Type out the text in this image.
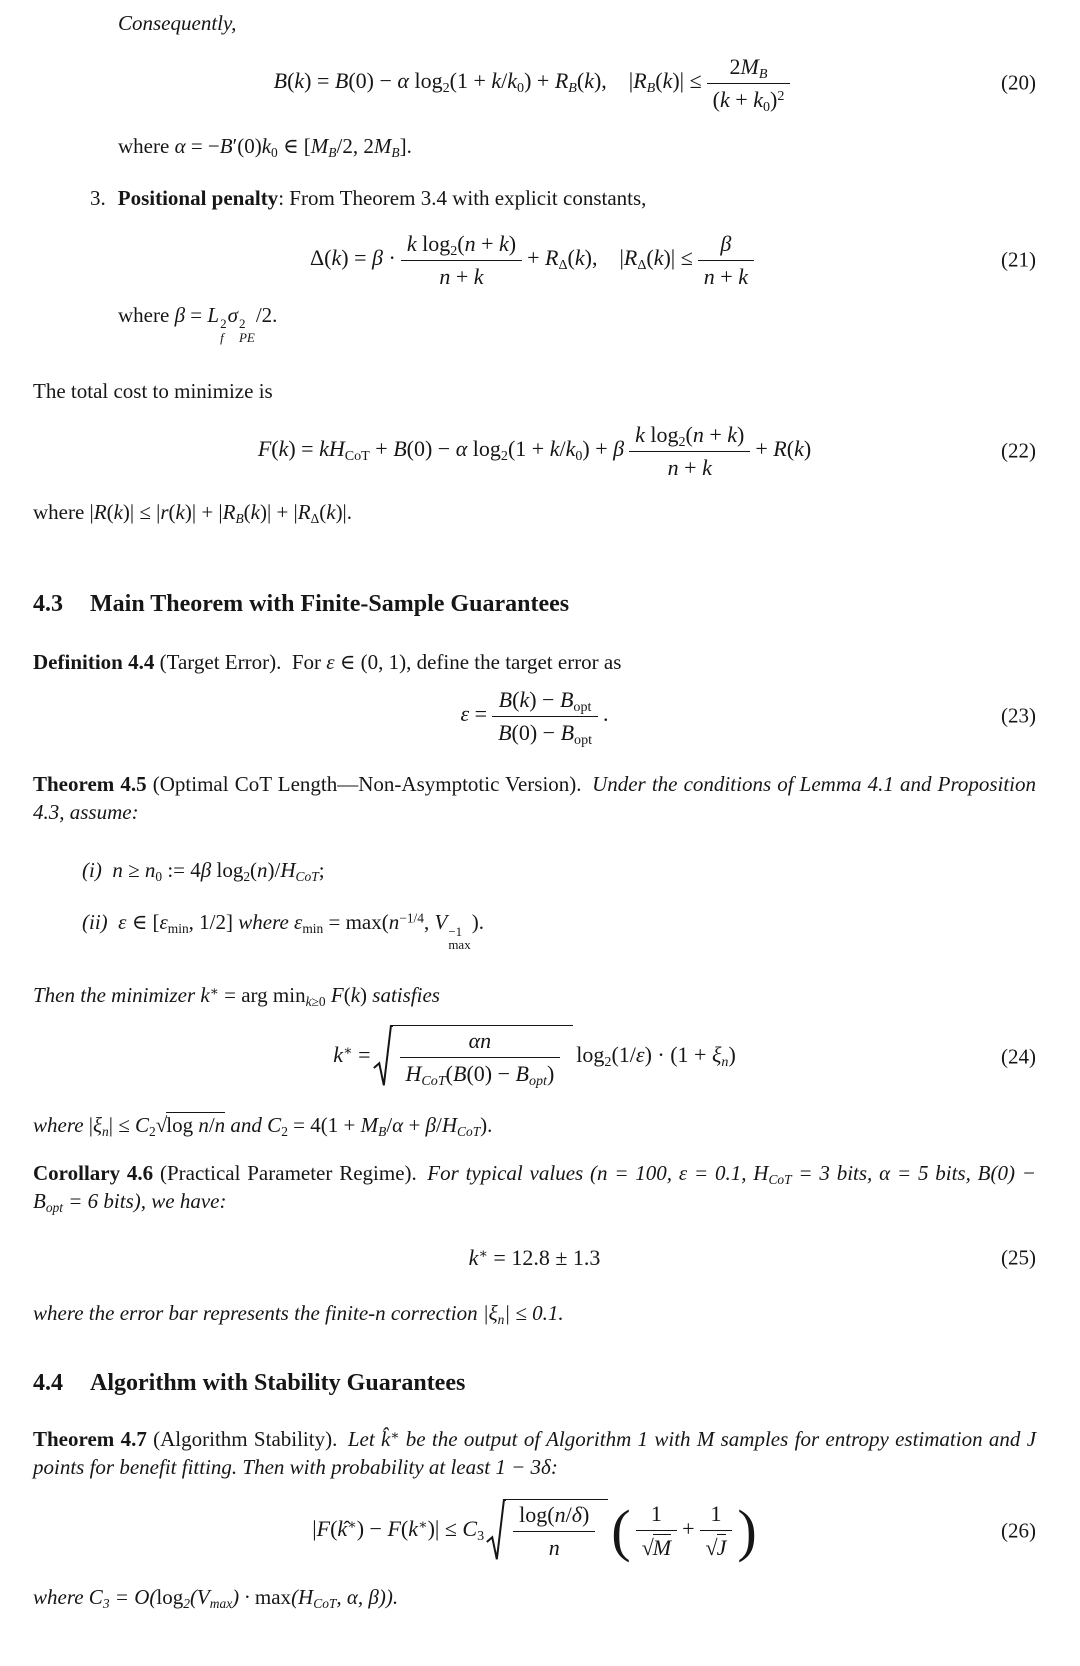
Consequently,

B(k) = B(0) − α $\log_2(1 + k/k_0) + R_B(k)$, $|R_B(k)| \le \frac{2M_B}{(k + k_0)^2}$	(20)

where $\alpha = -B'(0)k_0$ ∈ [$M_B/2$, $2M_B$].

3. Positional penalty: From Theorem 3.4 with explicit constants,

$\Delta(k) = \beta \cdot \frac{k \log_2(n + k)}{n + k} + R_\Delta(k)$, $|R_\Delta(k)| \le \frac{\beta}{n + k}$	(21)

where β = L 2
f
σ 2
PE
/2.

The total cost to minimize is

$F(k) = kH_{CoT} + B(0) - \alpha$ $\log_2(1 + k/k_0) + \beta \frac{k \log_2(n + k)}{n + k} + R(k)$	(22)

where $|R(k)| \le |r(k)| + |R_B(k)| + |R_\Delta(k)|$.

4.3 Main Theorem with Finite-Sample Guarantees

Definition 4.4 (Target Error). For ε ∈ (0, 1), define the target error as

$\varepsilon = \frac{B(k) - B_{opt}}{B(0) - B_{opt}}$ .	(23)

Theorem 4.5 (Optimal CoT Length—Non-Asymptotic Version). Under the conditions of Lemma 4.1 and Proposition 4.3, assume:

(i)  $n \ge n_0$ := 4β $\log_2(n)/H_{CoT}$;

(ii)  ε ∈ [$\varepsilon_{min}$, 1/2] where $\varepsilon_{min} = \max(n^{-1/4}$, V −1
max
).

Then the minimizer k∗ = arg $\min_{k\ge 0} F(k)$ satisfies

$k^∗ = \frac{\alpha n}{H_{CoT}(B(0) - B_{opt})} \log_2(1/\varepsilon) \cdot (1 + \xi_n)$	(24)

where $|\xi_n| \le C_2√\log$ n/n and $C_2 = 4(1 + M_B/\alpha + \beta/H_{CoT})$.

Corollary 4.6 (Practical Parameter Regime). For typical values (n = 100, ε = 0.1, $H_{CoT} = 3$ bits, α = 5 bits, $B(0) - B_{opt} = 6$ bits), we have:

k∗ = 12.8 ± 1.3	(25)

where the error bar represents the finite-n correction $|\xi_n| \le 0.1$.

4.4 Algorithm with Stability Guarantees

Theorem 4.7 (Algorithm Stability). Let k̂∗ be the output of Algorithm 1 with M samples for entropy estimation and J points for benefit fitting. Then with probability at least 1 − 3δ:

$|F(k^∗) - F(k^∗)| \le C_3 \frac{\log(n/\delta)}{n}$ ( $\frac{1}{√M} + \frac{1}{√J}$ )	(26)

where $C_3 = O(\log_2(V_{max}) \cdot \max(H_{CoT}$, α, β)).
